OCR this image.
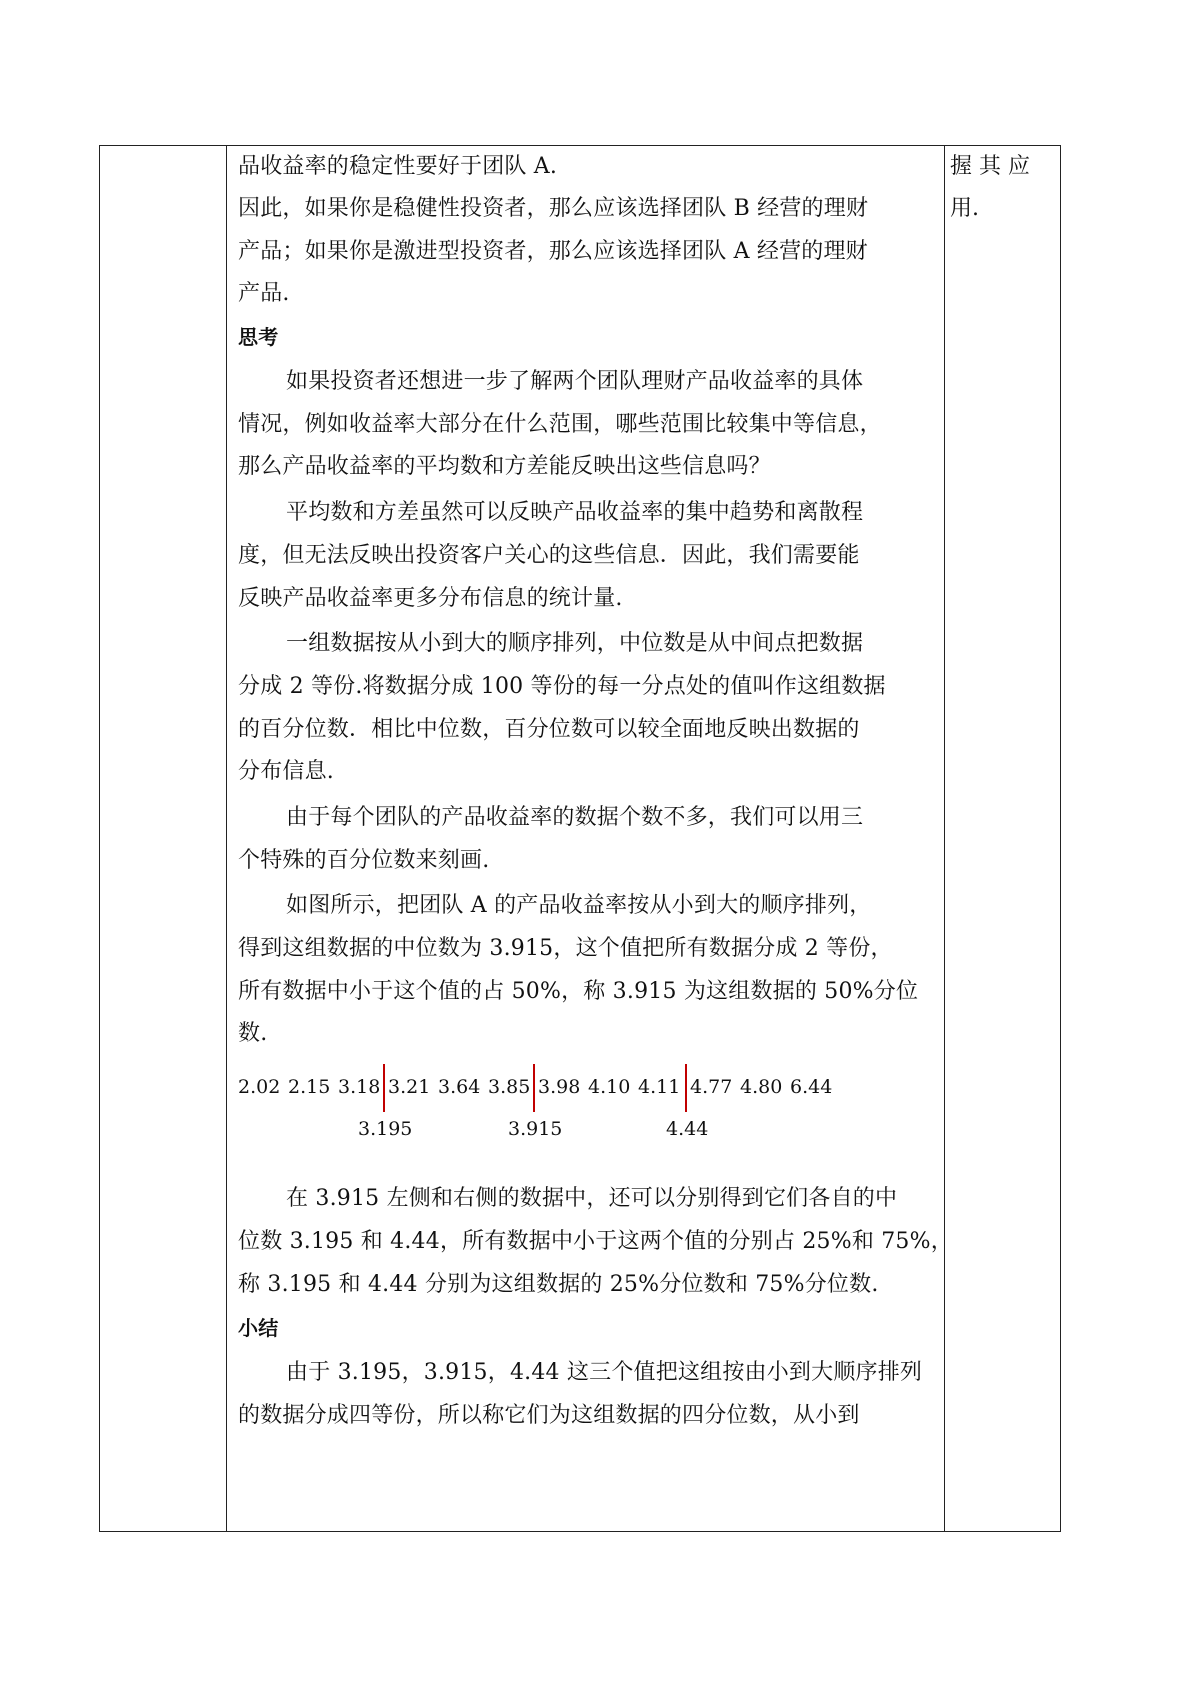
品收益率的稳定性要好于团队 A.
因此，如果你是稳健性投资者，那么应该选择团队 B 经营的理财
产品；如果你是激进型投资者，那么应该选择团队 A 经营的理财
产品.
思考
如果投资者还想进一步了解两个团队理财产品收益率的具体
情况，例如收益率大部分在什么范围，哪些范围比较集中等信息，
那么产品收益率的平均数和方差能反映出这些信息吗？
平均数和方差虽然可以反映产品收益率的集中趋势和离散程
度，但无法反映出投资客户关心的这些信息．因此，我们需要能
反映产品收益率更多分布信息的统计量.
一组数据按从小到大的顺序排列，中位数是从中间点把数据
分成 2 等份.将数据分成 100 等份的每一分点处的值叫作这组数据
的百分位数．相比中位数，百分位数可以较全面地反映出数据的
分布信息.
由于每个团队的产品收益率的数据个数不多，我们可以用三
个特殊的百分位数来刻画.
如图所示，把团队 A 的产品收益率按从小到大的顺序排列，
得到这组数据的中位数为 3.915，这个值把所有数据分成 2 等份，
所有数据中小于这个值的占 50%，称 3.915 为这组数据的 50%分位
数.
2.02 2.15 3.18 3.21 3.64 3.85 3.98 4.10 4.11 4.77 4.80 6.44
3.195	3.915	4.44
在 3.915 左侧和右侧的数据中，还可以分别得到它们各自的中
位数 3.195 和 4.44，所有数据中小于这两个值的分别占 25%和 75%，
称 3.195 和 4.44 分别为这组数据的 25%分位数和 75%分位数.
小结
由于 3.195，3.915，4.44 这三个值把这组按由小到大顺序排列
的数据分成四等份，所以称它们为这组数据的四分位数，从小到
握 其 应
用.
